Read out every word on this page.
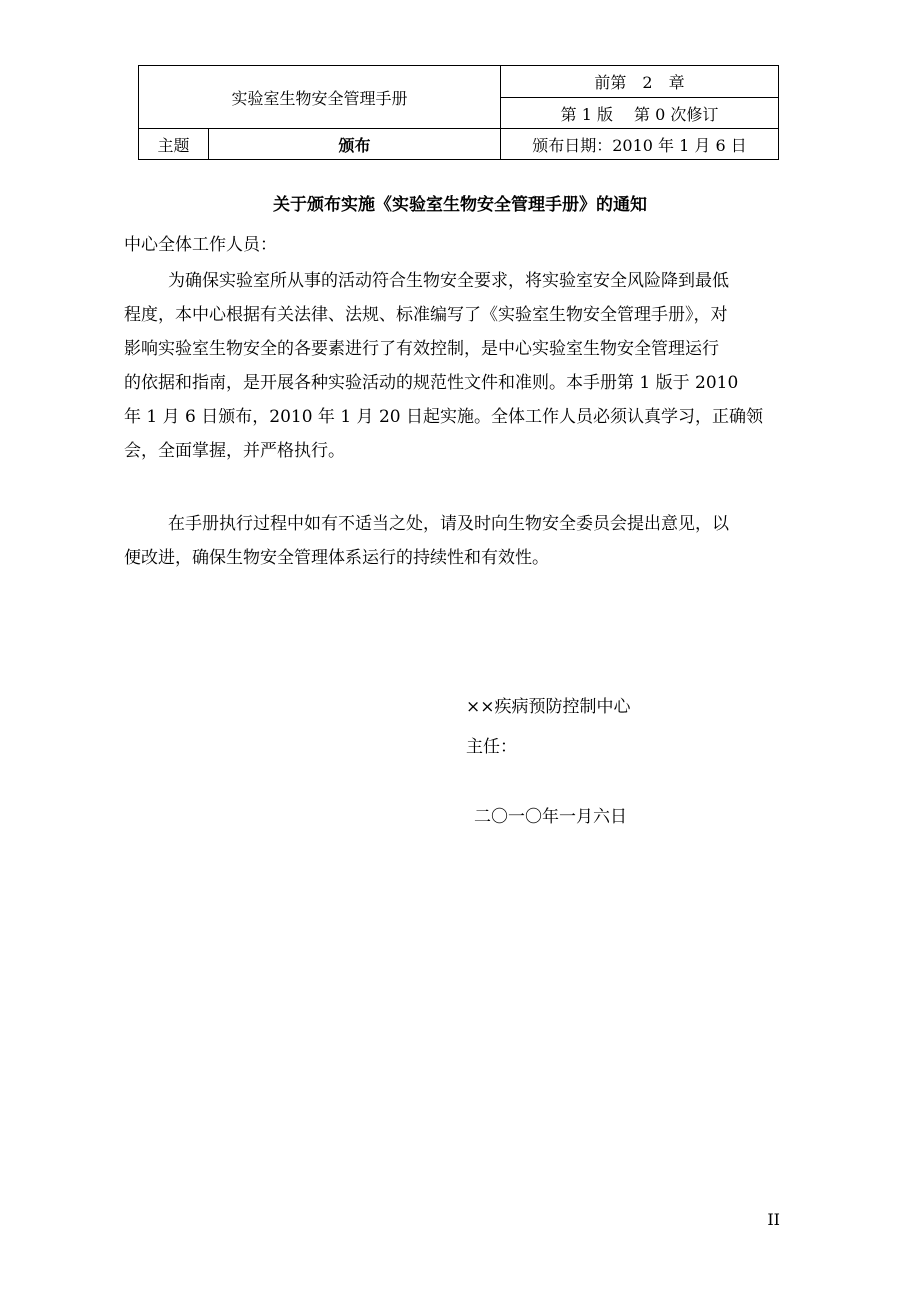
实验室生物安全管理手册		前第　2　章
		第 1 版　 第 0 次修订
主题	颁布	颁布日期：2010 年 1 月 6 日
关于颁布实施《实验室生物安全管理手册》的通知
中心全体工作人员：

为确保实验室所从事的活动符合生物安全要求，将实验室安全风险降到最低
程度，本中心根据有关法律、法规、标准编写了《实验室生物安全管理手册》，对
影响实验室生物安全的各要素进行了有效控制，是中心实验室生物安全管理运行
的依据和指南，是开展各种实验活动的规范性文件和准则。本手册第 1 版于 2010
年 1 月 6 日颁布，2010 年 1 月 20 日起实施。全体工作人员必须认真学习，正确领
会，全面掌握，并严格执行。

在手册执行过程中如有不适当之处，请及时向生物安全委员会提出意见，以
便改进，确保生物安全管理体系运行的持续性和有效性。

××疾病预防控制中心
主任：
二〇一〇年一月六日
II
